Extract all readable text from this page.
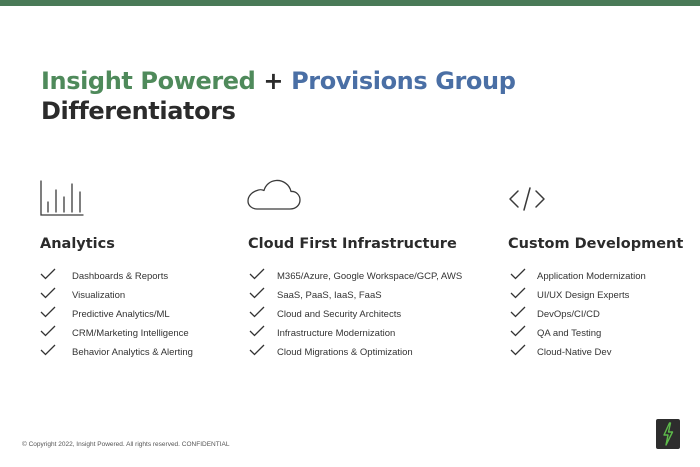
Insight Powered + Provisions Group
Differentiators
Analytics
Dashboards & Reports
Visualization
Predictive Analytics/ML
CRM/Marketing Intelligence
Behavior Analytics & Alerting
Cloud First Infrastructure
M365/Azure, Google Workspace/GCP, AWS
SaaS, PaaS, IaaS, FaaS
Cloud and Security Architects
Infrastructure Modernization
Cloud Migrations & Optimization
Custom Development
Application Modernization
UI/UX Design Experts
DevOps/CI/CD
QA and Testing
Cloud-Native Dev
© Copyright 2022, Insight Powered. All rights reserved. CONFIDENTIAL
